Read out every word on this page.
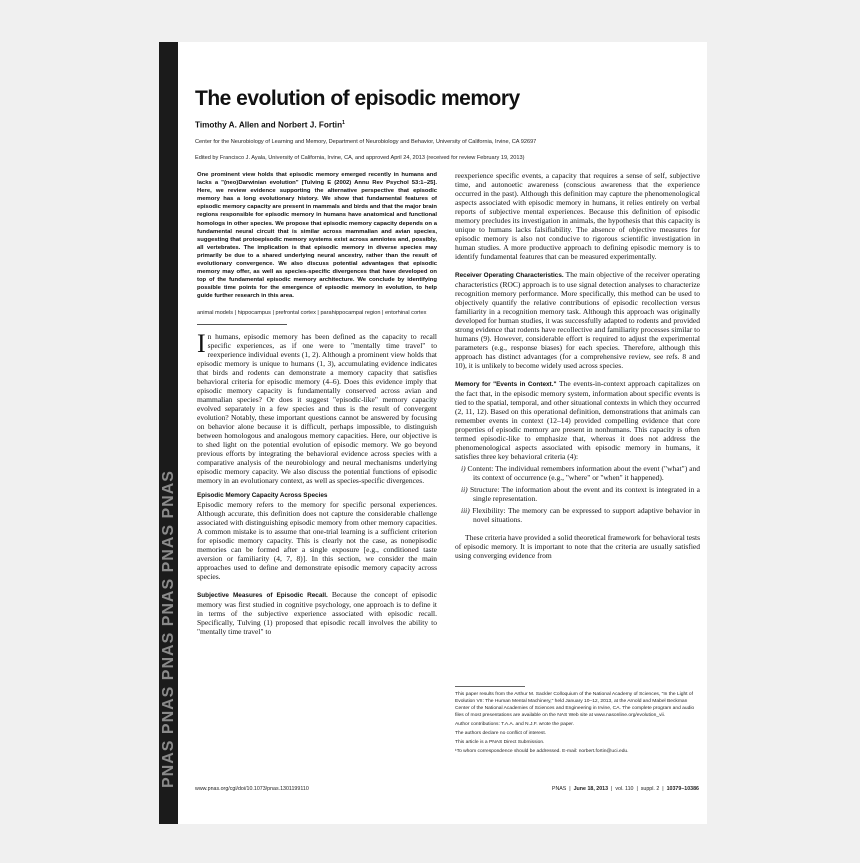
PNAS PNAS PNAS PNAS PNAS PNAS
The evolution of episodic memory
Timothy A. Allen and Norbert J. Fortin$^1$
Center for the Neurobiology of Learning and Memory, Department of Neurobiology and Behavior, University of California, Irvine, CA 92697
Edited by Francisco J. Ayala, University of California, Irvine, CA, and approved April 24, 2013 (received for review February 19, 2013)

One prominent view holds that episodic memory emerged recently in humans and lacks a "(neo)Darwinian evolution" [Tulving E (2002) Annu Rev Psychol 53:1–25]. Here, we review evidence supporting the alternative perspective that episodic memory has a long evolutionary history. We show that fundamental features of episodic memory capacity are present in mammals and birds and that the major brain regions responsible for episodic memory in humans have anatomical and functional homologs in other species. We propose that episodic memory capacity depends on a fundamental neural circuit that is similar across mammalian and avian species, suggesting that protoepisodic memory systems exist across amniotes and, possibly, all vertebrates. The implication is that episodic memory in diverse species may primarily be due to a shared underlying neural ancestry, rather than the result of evolutionary convergence. We also discuss potential advantages that episodic memory may offer, as well as species-specific divergences that have developed on top of the fundamental episodic memory architecture. We conclude by identifying possible time points for the emergence of episodic memory in evolution, to help guide further research in this area.

animal models | hippocampus | prefrontal cortex | parahippocampal region | entorhinal cortex

In humans, episodic memory has been defined as the capacity to recall specific experiences, as if one were to "mentally time travel" to reexperience individual events (1, 2). Although a prominent view holds that episodic memory is unique to humans (1, 3), accumulating evidence indicates that birds and rodents can demonstrate a memory capacity that satisfies behavioral criteria for episodic memory (4–6). Does this evidence imply that episodic memory capacity is fundamentally conserved across avian and mammalian species? Or does it suggest "episodic-like" memory capacity evolved separately in a few species and thus is the result of convergent evolution? Notably, these important questions cannot be answered by focusing on behavior alone because it is difficult, perhaps impossible, to distinguish between homologous and analogous memory capacities. Here, our objective is to shed light on the potential evolution of episodic memory. We go beyond previous efforts by integrating the behavioral evidence across species with a comparative analysis of the neurobiology and neural mechanisms underlying episodic memory capacity. We also discuss the potential functions of episodic memory in an evolutionary context, as well as species-specific divergences.

Episodic Memory Capacity Across Species

Episodic memory refers to the memory for specific personal experiences. Although accurate, this definition does not capture the considerable challenge associated with distinguishing episodic memory from other memory capacities. A common mistake is to assume that one-trial learning is a sufficient criterion for episodic memory capacity. This is clearly not the case, as nonepisodic memories can be formed after a single exposure [e.g., conditioned taste aversion or familiarity (4, 7, 8)]. In this section, we consider the main approaches used to define and demonstrate episodic memory capacity across species.

Subjective Measures of Episodic Recall. Because the concept of episodic memory was first studied in cognitive psychology, one approach is to define it in terms of the subjective experience associated with episodic recall. Specifically, Tulving (1) proposed that episodic recall involves the ability to "mentally time travel" to

reexperience specific events, a capacity that requires a sense of self, subjective time, and autonoetic awareness (conscious awareness that the experience occurred in the past). Although this definition may capture the phenomenological aspects associated with episodic memory in humans, it relies entirely on verbal reports of subjective mental experiences. Because this definition of episodic memory precludes its investigation in animals, the hypothesis that this capacity is unique to humans lacks falsifiability. The absence of objective measures for episodic memory is also not conducive to rigorous scientific investigation in human studies. A more productive approach to defining episodic memory is to identify fundamental features that can be measured experimentally.

Receiver Operating Characteristics. The main objective of the receiver operating characteristics (ROC) approach is to use signal detection analyses to characterize recognition memory performance. More specifically, this method can be used to objectively quantify the relative contributions of episodic recollection versus familiarity in a recognition memory task. Although this approach was originally developed for human studies, it was successfully adapted to rodents and provided strong evidence that rodents have recollective and familiarity processes similar to humans (9). However, considerable effort is required to adjust the experimental parameters (e.g., response biases) for each species. Therefore, although this approach has distinct advantages (for a comprehensive review, see refs. 8 and 10), it is unlikely to become widely used across species.

Memory for "Events in Context." The events-in-context approach capitalizes on the fact that, in the episodic memory system, information about specific events is tied to the spatial, temporal, and other situational contexts in which they occurred (2, 11, 12). Based on this operational definition, demonstrations that animals can remember events in context (12–14) provided compelling evidence that core properties of episodic memory are present in nonhumans. This capacity is often termed episodic-like to emphasize that, whereas it does not address the phenomenological aspects associated with episodic memory in humans, it satisfies three key behavioral criteria (4):

i) Content: The individual remembers information about the event ("what") and its context of occurrence (e.g., "where" or "when" it happened).

ii) Structure: The information about the event and its context is integrated in a single representation.

iii) Flexibility: The memory can be expressed to support adaptive behavior in novel situations.

These criteria have provided a solid theoretical framework for behavioral tests of episodic memory. It is important to note that the criteria are usually satisfied using converging evidence from

This paper results from the Arthur M. Sackler Colloquium of the National Academy of Sciences, "In the Light of Evolution VII: The Human Mental Machinery," held January 10–12, 2013, at the Arnold and Mabel Beckman Center of the National Academies of Sciences and Engineering in Irvine, CA. The complete program and audio files of most presentations are available on the NAS Web site at www.nasonline.org/evolution_vii.

Author contributions: T.A.A. and N.J.F. wrote the paper.

The authors declare no conflict of interest.

This article is a PNAS Direct Submission.

¹To whom correspondence should be addressed. E-mail: norbert.fortin@uci.edu.

www.pnas.org/cgi/doi/10.1073/pnas.1301199110	PNAS  |  June 18, 2013  |  vol. 110  |  suppl. 2  |  10379–10386
